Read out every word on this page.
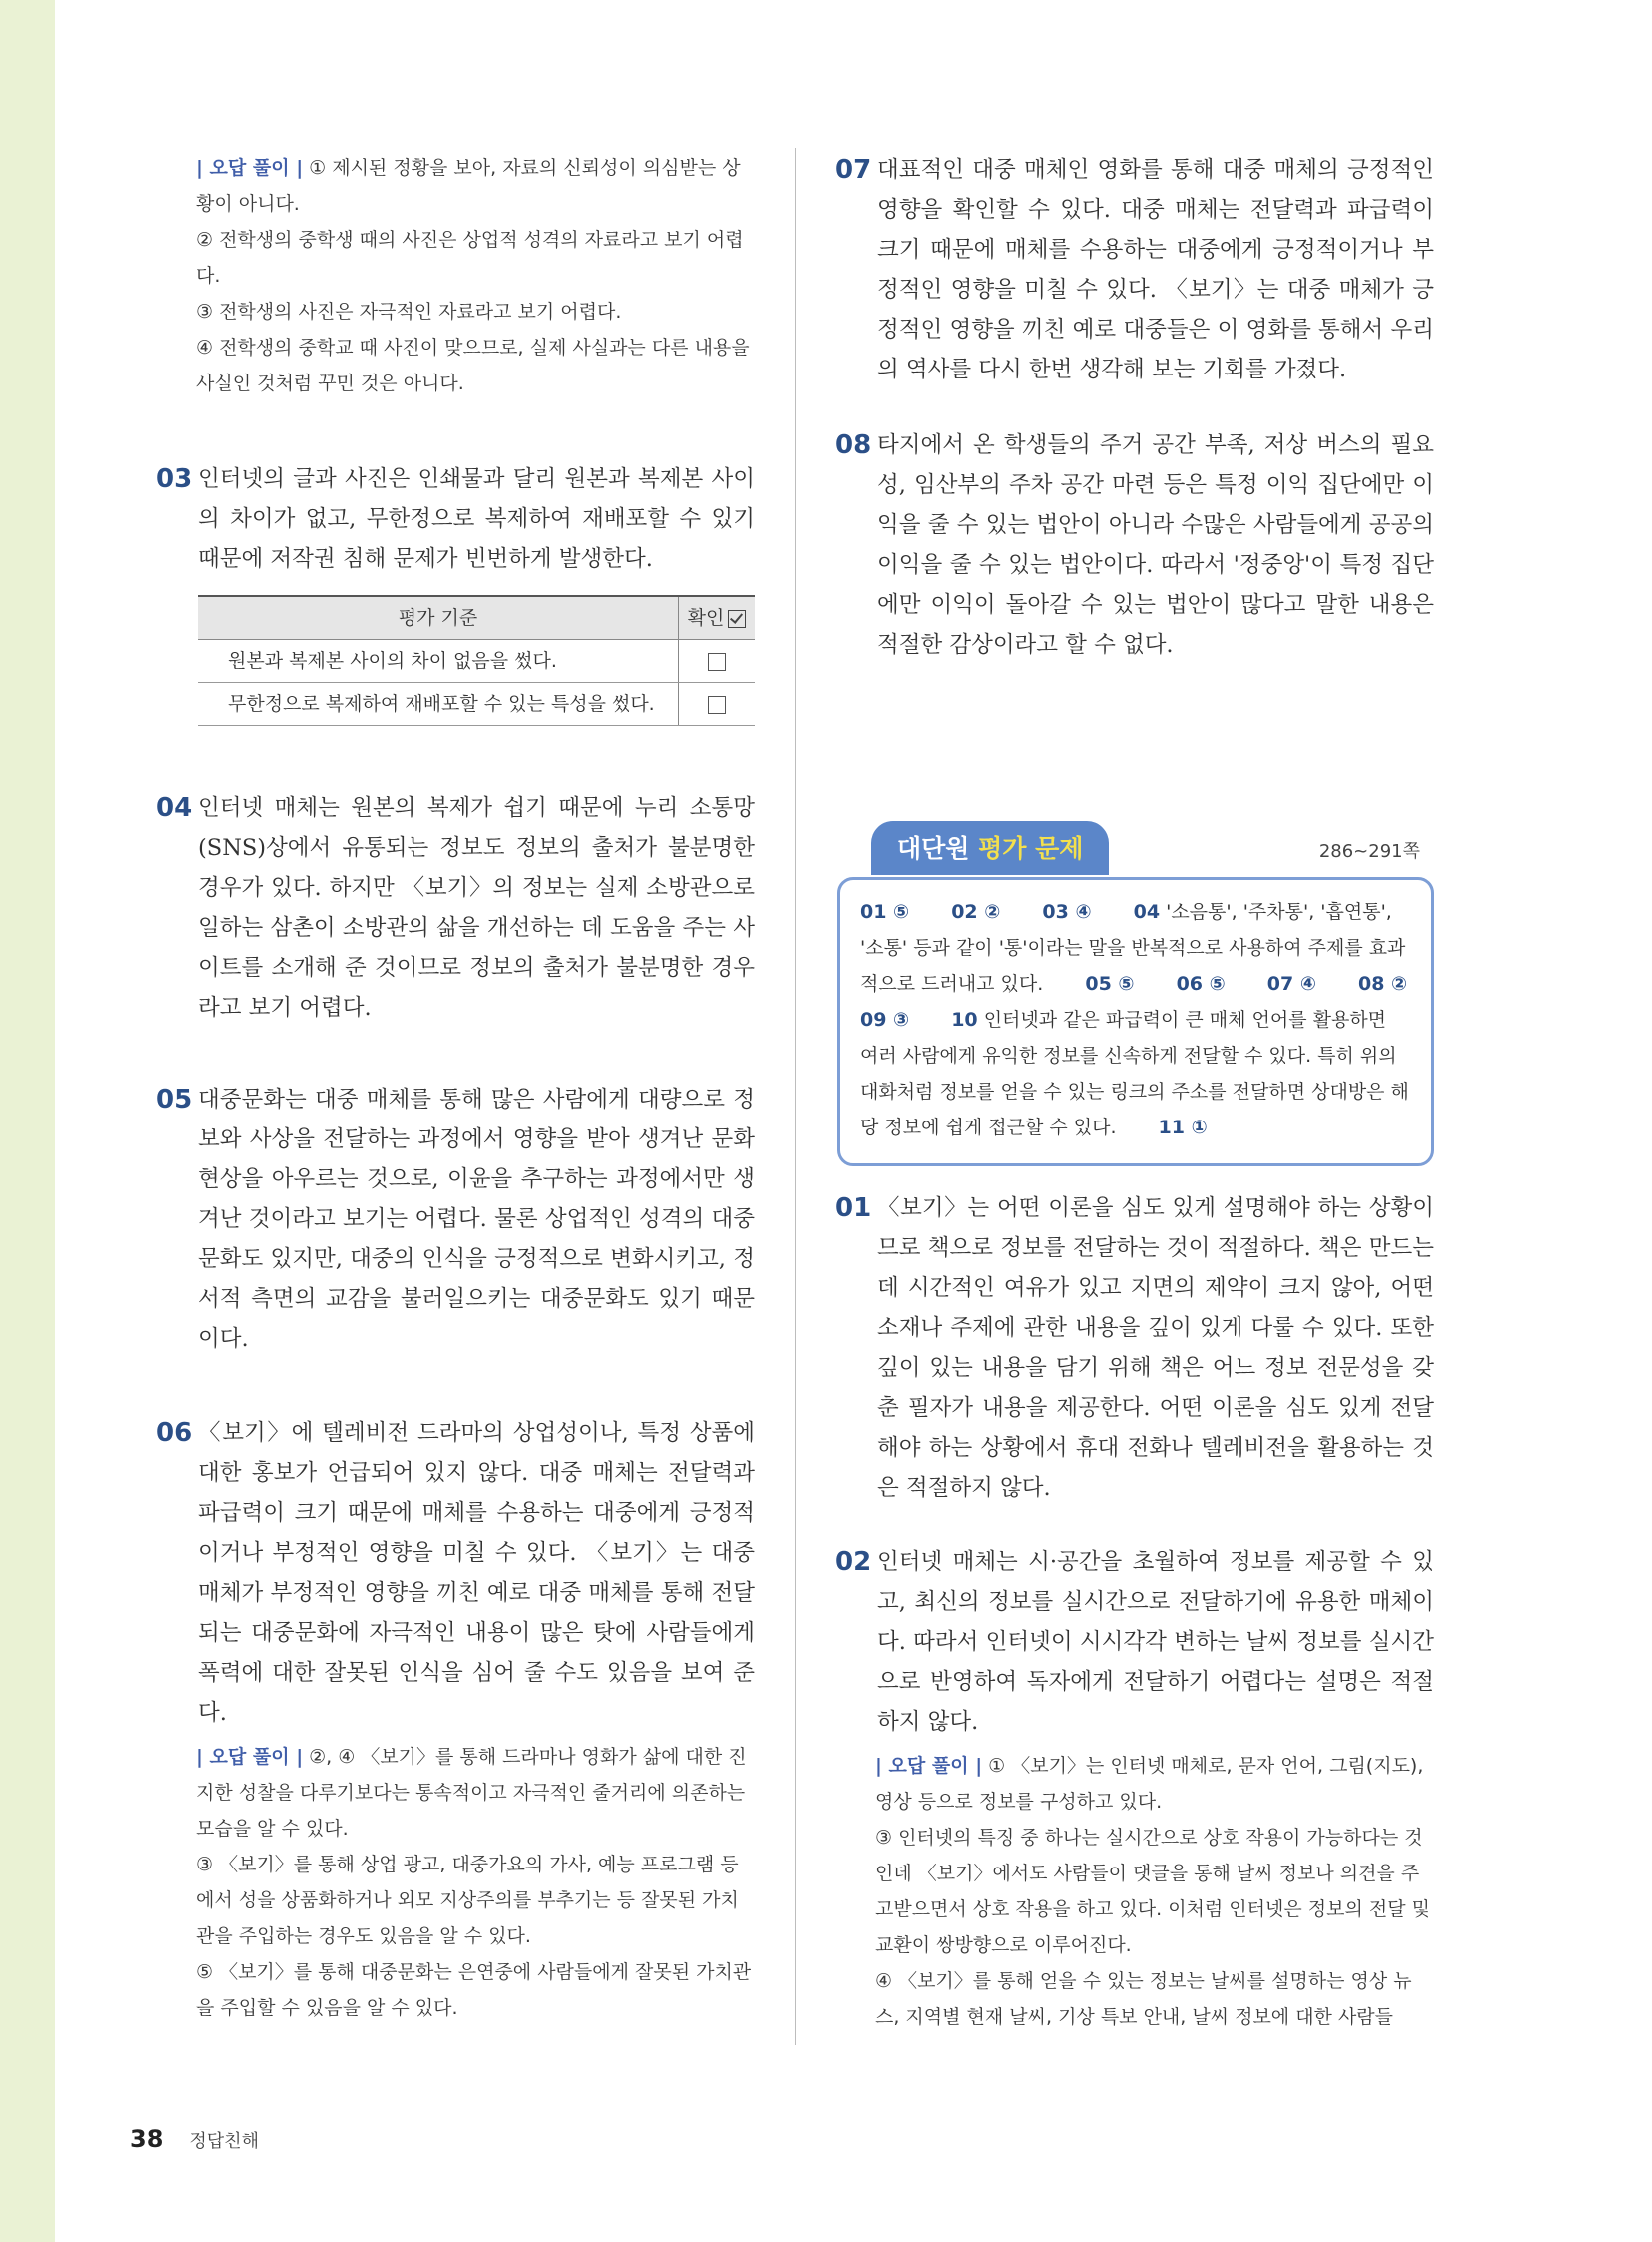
| 오답 풀이 | ① 제시된 정황을 보아, 자료의 신뢰성이 의심받는 상황이 아니다.
② 전학생의 중학생 때의 사진은 상업적 성격의 자료라고 보기 어렵다.
③ 전학생의 사진은 자극적인 자료라고 보기 어렵다.
④ 전학생의 중학교 때 사진이 맞으므로, 실제 사실과는 다른 내용을 사실인 것처럼 꾸민 것은 아니다.
03 인터넷의 글과 사진은 인쇄물과 달리 원본과 복제본 사이의 차이가 없고, 무한정으로 복제하여 재배포할 수 있기 때문에 저작권 침해 문제가 빈번하게 발생한다.

평가 기준	확인
원본과 복제본 사이의 차이 없음을 썼다.	
무한정으로 복제하여 재배포할 수 있는 특성을 썼다.	
04 인터넷 매체는 원본의 복제가 쉽기 때문에 누리 소통망(SNS)상에서 유통되는 정보도 정보의 출처가 불분명한 경우가 있다. 하지만 〈보기〉의 정보는 실제 소방관으로 일하는 삼촌이 소방관의 삶을 개선하는 데 도움을 주는 사이트를 소개해 준 것이므로 정보의 출처가 불분명한 경우라고 보기 어렵다.

05 대중문화는 대중 매체를 통해 많은 사람에게 대량으로 정보와 사상을 전달하는 과정에서 영향을 받아 생겨난 문화 현상을 아우르는 것으로, 이윤을 추구하는 과정에서만 생겨난 것이라고 보기는 어렵다. 물론 상업적인 성격의 대중문화도 있지만, 대중의 인식을 긍정적으로 변화시키고, 정서적 측면의 교감을 불러일으키는 대중문화도 있기 때문이다.

06 〈보기〉에 텔레비전 드라마의 상업성이나, 특정 상품에 대한 홍보가 언급되어 있지 않다. 대중 매체는 전달력과 파급력이 크기 때문에 매체를 수용하는 대중에게 긍정적이거나 부정적인 영향을 미칠 수 있다. 〈보기〉는 대중 매체가 부정적인 영향을 끼친 예로 대중 매체를 통해 전달되는 대중문화에 자극적인 내용이 많은 탓에 사람들에게 폭력에 대한 잘못된 인식을 심어 줄 수도 있음을 보여 준다.

| 오답 풀이 | ②, ④ 〈보기〉를 통해 드라마나 영화가 삶에 대한 진지한 성찰을 다루기보다는 통속적이고 자극적인 줄거리에 의존하는 모습을 알 수 있다.
③ 〈보기〉를 통해 상업 광고, 대중가요의 가사, 예능 프로그램 등에서 성을 상품화하거나 외모 지상주의를 부추기는 등 잘못된 가치관을 주입하는 경우도 있음을 알 수 있다.
⑤ 〈보기〉를 통해 대중문화는 은연중에 사람들에게 잘못된 가치관을 주입할 수 있음을 알 수 있다.
07 대표적인 대중 매체인 영화를 통해 대중 매체의 긍정적인 영향을 확인할 수 있다. 대중 매체는 전달력과 파급력이 크기 때문에 매체를 수용하는 대중에게 긍정적이거나 부정적인 영향을 미칠 수 있다. 〈보기〉는 대중 매체가 긍정적인 영향을 끼친 예로 대중들은 이 영화를 통해서 우리의 역사를 다시 한번 생각해 보는 기회를 가졌다.

08 타지에서 온 학생들의 주거 공간 부족, 저상 버스의 필요성, 임산부의 주차 공간 마련 등은 특정 이익 집단에만 이익을 줄 수 있는 법안이 아니라 수많은 사람들에게 공공의 이익을 줄 수 있는 법안이다. 따라서 '정중앙'이 특정 집단에만 이익이 돌아갈 수 있는 법안이 많다고 말한 내용은 적절한 감상이라고 할 수 없다.

대단원 평가 문제	286~291쪽
01 ⑤ 02 ② 03 ④ 04 '소음통', '주차통', '흡연통', '소통' 등과 같이 '통'이라는 말을 반복적으로 사용하여 주제를 효과적으로 드러내고 있다. 05 ⑤ 06 ⑤ 07 ④ 08 ② 09 ③ 10 인터넷과 같은 파급력이 큰 매체 언어를 활용하면 여러 사람에게 유익한 정보를 신속하게 전달할 수 있다. 특히 위의 대화처럼 정보를 얻을 수 있는 링크의 주소를 전달하면 상대방은 해당 정보에 쉽게 접근할 수 있다. 11 ①
01 〈보기〉는 어떤 이론을 심도 있게 설명해야 하는 상황이므로 책으로 정보를 전달하는 것이 적절하다. 책은 만드는 데 시간적인 여유가 있고 지면의 제약이 크지 않아, 어떤 소재나 주제에 관한 내용을 깊이 있게 다룰 수 있다. 또한 깊이 있는 내용을 담기 위해 책은 어느 정보 전문성을 갖춘 필자가 내용을 제공한다. 어떤 이론을 심도 있게 전달해야 하는 상황에서 휴대 전화나 텔레비전을 활용하는 것은 적절하지 않다.

02 인터넷 매체는 시·공간을 초월하여 정보를 제공할 수 있고, 최신의 정보를 실시간으로 전달하기에 유용한 매체이다. 따라서 인터넷이 시시각각 변하는 날씨 정보를 실시간으로 반영하여 독자에게 전달하기 어렵다는 설명은 적절하지 않다.

| 오답 풀이 | ① 〈보기〉는 인터넷 매체로, 문자 언어, 그림(지도), 영상 등으로 정보를 구성하고 있다.
③ 인터넷의 특징 중 하나는 실시간으로 상호 작용이 가능하다는 것인데 〈보기〉에서도 사람들이 댓글을 통해 날씨 정보나 의견을 주고받으면서 상호 작용을 하고 있다. 이처럼 인터넷은 정보의 전달 및 교환이 쌍방향으로 이루어진다.
④ 〈보기〉를 통해 얻을 수 있는 정보는 날씨를 설명하는 영상 뉴스, 지역별 현재 날씨, 기상 특보 안내, 날씨 정보에 대한 사람들
38 정답친해
